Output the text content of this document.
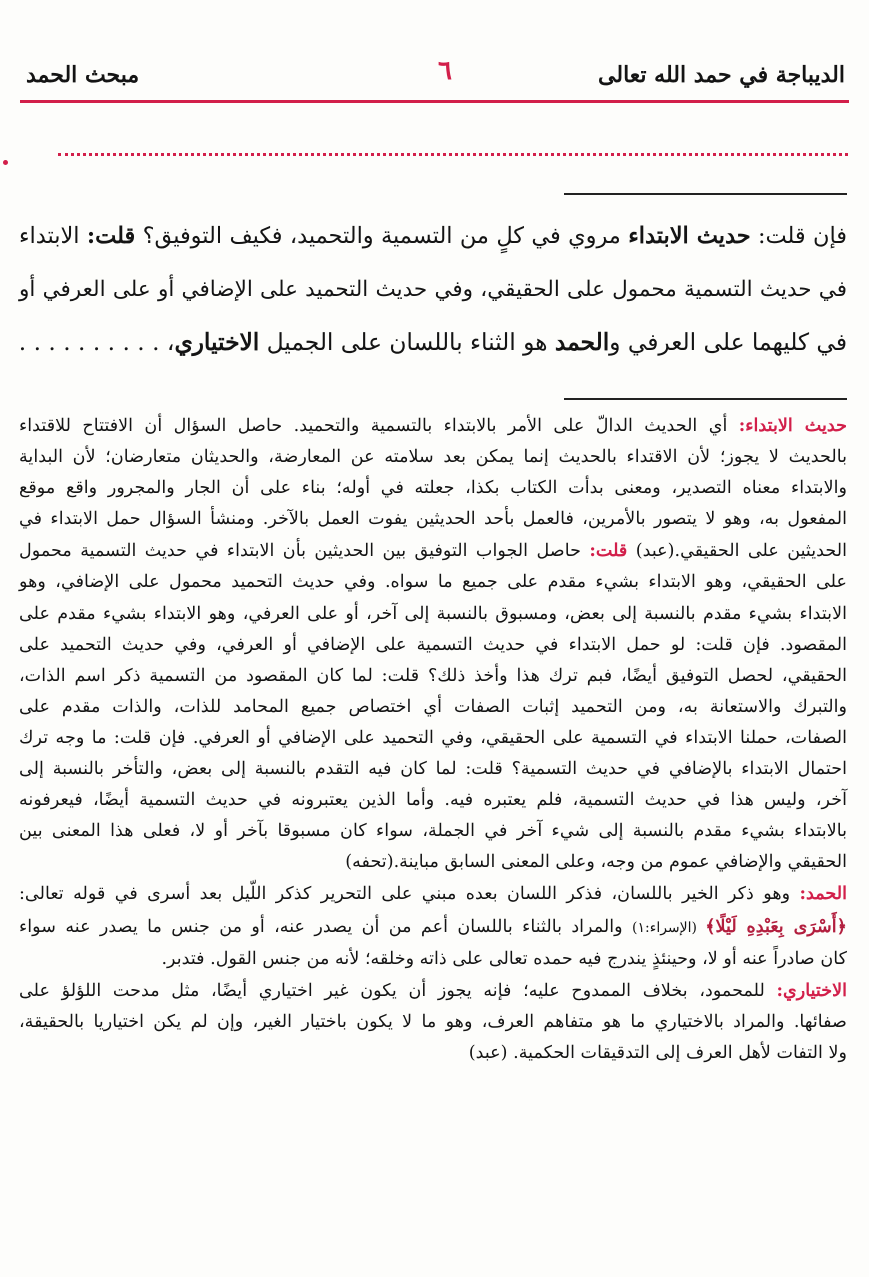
الديباجة في حمد الله تعالى
٦
مبحث الحمد
فإن قلت: حديث الابتداء مروي في كلٍ من التسمية والتحميد، فكيف التوفيق؟ قلت: الابتداء
في حديث التسمية محمول على الحقيقي، وفي حديث التحميد على الإضافي أو على العرفي أو
في كليهما على العرفي والحمد هو الثناء باللسان على الجميل الاختياري، . . . . . . . . . .
حديث الابتداء: أي الحديث الدالّ على الأمر بالابتداء بالتسمية والتحميد. حاصل السؤال أن الافتتاح للاقتداء
بالحديث لا يجوز؛ لأن الاقتداء بالحديث إنما يمكن بعد سلامته عن المعارضة، والحديثان متعارضان؛ لأن البداية
والابتداء معناه التصدير، ومعنى بدأت الكتاب بكذا، جعلته في أوله؛ بناء على أن الجار والمجرور واقع موقع
المفعول به، وهو لا يتصور بالأمرين، فالعمل بأحد الحديثين يفوت العمل بالآخر. ومنشأ السؤال حمل الابتداء في
الحديثين على الحقيقي.(عبد) قلت: حاصل الجواب التوفيق بين الحديثين بأن الابتداء في حديث التسمية محمول
على الحقيقي، وهو الابتداء بشيء مقدم على جميع ما سواه. وفي حديث التحميد محمول على الإضافي، وهو
الابتداء بشيء مقدم بالنسبة إلى بعض، ومسبوق بالنسبة إلى آخر، أو على العرفي، وهو الابتداء بشيء مقدم على
المقصود. فإن قلت: لو حمل الابتداء في حديث التسمية على الإضافي أو العرفي، وفي حديث التحميد على
الحقيقي، لحصل التوفيق أيضًا، فبم ترك هذا وأخذ ذلك؟ قلت: لما كان المقصود من التسمية ذكر اسم الذات،
والتبرك والاستعانة به، ومن التحميد إثبات الصفات أي اختصاص جميع المحامد للذات، والذات مقدم على
الصفات، حملنا الابتداء في التسمية على الحقيقي، وفي التحميد على الإضافي أو العرفي. فإن قلت: ما وجه ترك
احتمال الابتداء بالإضافي في حديث التسمية؟ قلت: لما كان فيه التقدم بالنسبة إلى بعض، والتأخر بالنسبة إلى
آخر، وليس هذا في حديث التسمية، فلم يعتبره فيه. وأما الذين يعتبرونه في حديث التسمية أيضًا، فيعرفونه
بالابتداء بشيء مقدم بالنسبة إلى شيء آخر في الجملة، سواء كان مسبوقا بآخر أو لا، فعلى هذا المعنى بين
الحقيقي والإضافي عموم من وجه، وعلى المعنى السابق مباينة.(تحفه)
الحمد: وهو ذكر الخير باللسان، فذكر اللسان بعده مبني على التحرير كذكر اللّيل بعد أسرى في قوله تعالى:
﴿أَسْرَى بِعَبْدِهِ لَيْلًا﴾ (الإسراء:١) والمراد بالثناء باللسان أعم من أن يصدر عنه، أو من جنس ما يصدر عنه سواء
كان صادراً عنه أو لا، وحينئذٍ يندرج فيه حمده تعالى على ذاته وخلقه؛ لأنه من جنس القول. فتدبر.
الاختياري: للمحمود، بخلاف الممدوح عليه؛ فإنه يجوز أن يكون غير اختياري أيضًا، مثل مدحت اللؤلؤ على
صفائها. والمراد بالاختياري ما هو متفاهم العرف، وهو ما لا يكون باختيار الغير، وإن لم يكن اختياريا بالحقيقة،
ولا التفات لأهل العرف إلى التدقيقات الحكمية. (عبد)
